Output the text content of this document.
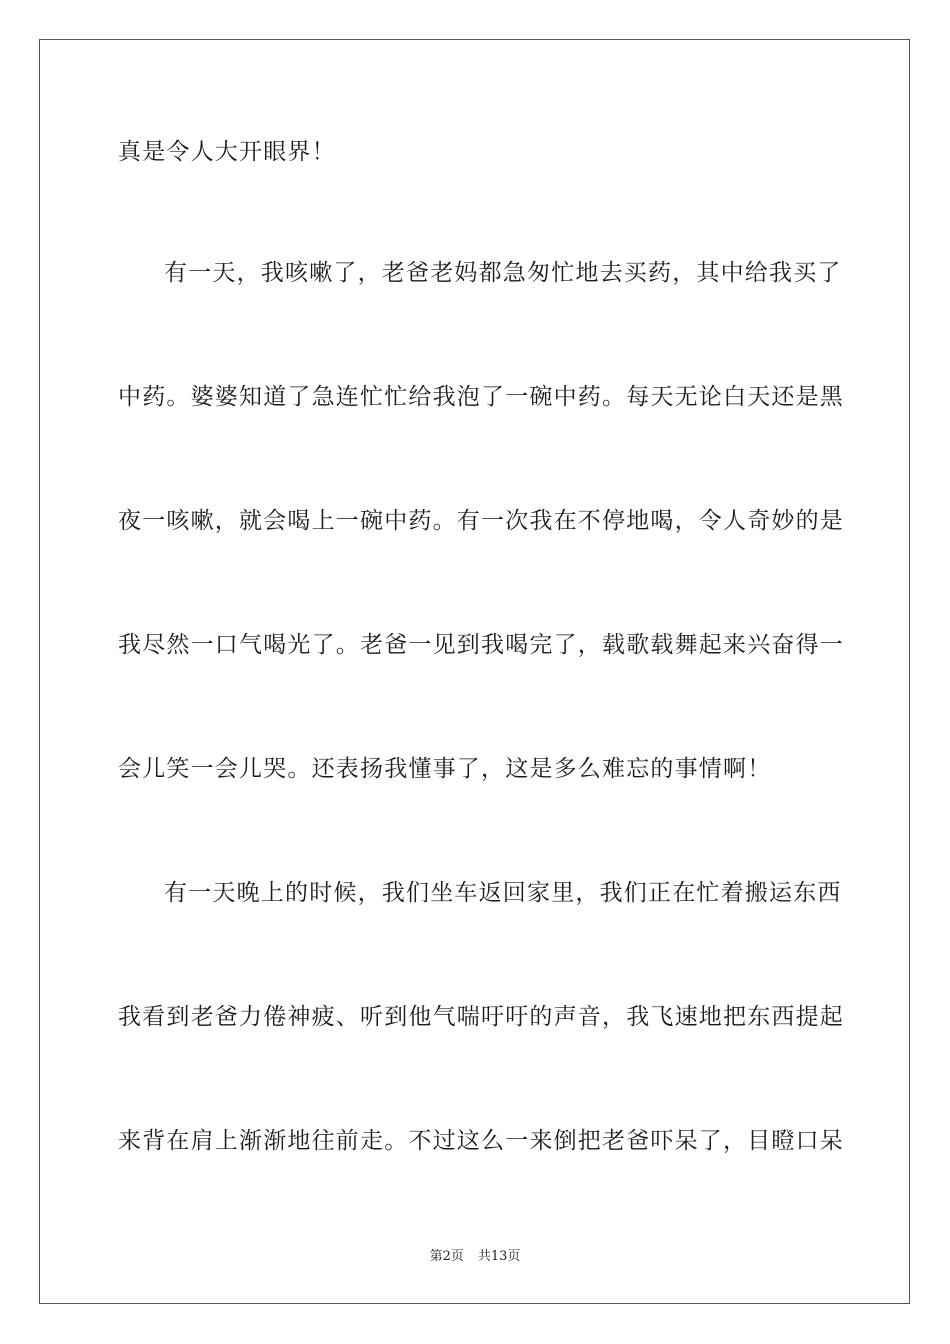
真是令人大开眼界！
有一天，我咳嗽了，老爸老妈都急匆忙地去买药，其中给我买了
中药。婆婆知道了急连忙忙给我泡了一碗中药。每天无论白天还是黑
夜一咳嗽，就会喝上一碗中药。有一次我在不停地喝，令人奇妙的是
我尽然一口气喝光了。老爸一见到我喝完了，载歌载舞起来兴奋得一
会儿笑一会儿哭。还表扬我懂事了，这是多么难忘的事情啊！
有一天晚上的时候，我们坐车返回家里，我们正在忙着搬运东西
我看到老爸力倦神疲、听到他气喘吁吁的声音，我飞速地把东西提起
来背在肩上渐渐地往前走。不过这么一来倒把老爸吓呆了，目瞪口呆
第2页 共13页
